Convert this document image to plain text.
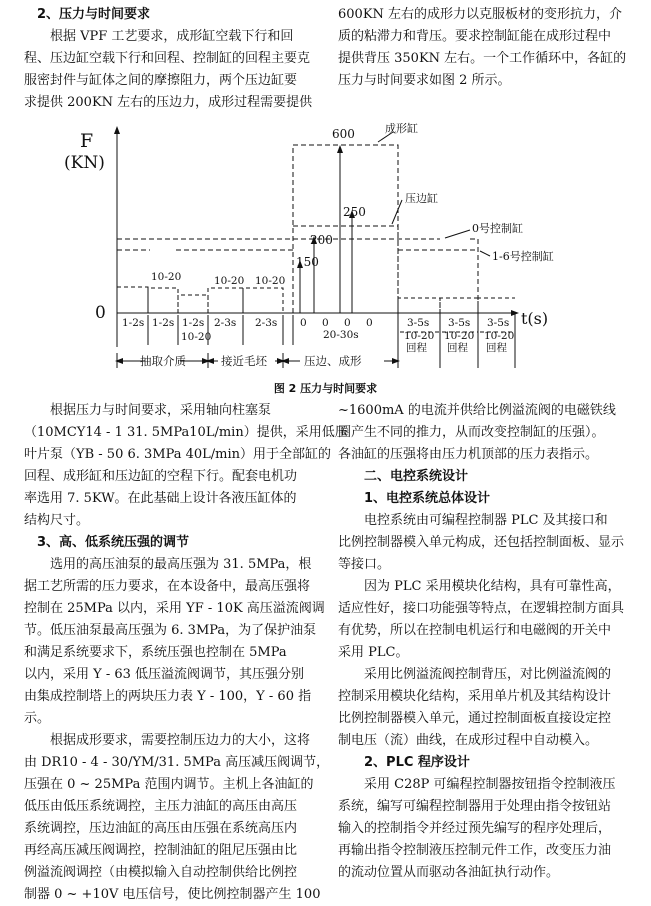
2、压力与时间要求

根据 VPF 工艺要求，成形缸空载下行和回

程、压边缸空载下行和回程、控制缸的回程主要克

服密封件与缸体之间的摩擦阻力，两个压边缸要

求提供 200KN 左右的压边力，成形过程需要提供

600KN 左右的成形力以克服板材的变形抗力，介

质的粘滞力和背压。要求控制缸能在成形过程中

提供背压 350KN 左右。一个工作循环中，各缸的

压力与时间要求如图 2 所示。

F
(KN)
0	t(s)
600
250
200
150
成形缸
压边缸
0号控制缸
1-6号控制缸
1-2s 1-2s 1-2s
10-20
10-20
2-3s
10-20
2-3s
10-20
0 0 0 0
20-30s
3-5s
10-20
回程
3-5s
10-20
回程
3-5s
10-20
回程
抽取介质	接近毛坯	压边、成形
图 2 压力与时间要求

根据压力与时间要求，采用轴向柱塞泵

（10MCY14 - 1 31. 5MPa10L/min）提供，采用低压

叶片泵（YB - 50 6. 3MPa 40L/min）用于全部缸的

回程、成形缸和压边缸的空程下行。配套电机功

率选用 7. 5KW。在此基础上设计各液压缸体的

结构尺寸。

3、高、低系统压强的调节

选用的高压油泵的最高压强为 31. 5MPa，根

据工艺所需的压力要求，在本设备中，最高压强将

控制在 25MPa 以内，采用 YF - 10K 高压溢流阀调

节。低压油泵最高压强为 6. 3MPa，为了保护油泵

和满足系统要求下，系统压强也控制在 5MPa

以内，采用 Y - 63 低压溢流阀调节，其压强分别

由集成控制塔上的两块压力表 Y - 100，Y - 60 指

示。

根据成形要求，需要控制压边力的大小，这将

由 DR10 - 4 - 30/YM/31. 5MPa 高压减压阀调节，

压强在 0 ~ 25MPa 范围内调节。主机上各油缸的

低压由低压系统调控，主压力油缸的高压由高压

系统调控，压边油缸的高压由压强在系统高压内

再经高压减压阀调控，控制油缸的阻尼压强由比

例溢流阀调控（由模拟输入自动控制供给比例控

制器 0 ~ +10V 电压信号，使比例控制器产生 100

~1600mA 的电流并供给比例溢流阀的电磁铁线

圈产生不同的推力，从而改变控制缸的压强）。

各油缸的压强将由压力机顶部的压力表指示。

二、电控系统设计

1、电控系统总体设计

电控系统由可编程控制器 PLC 及其接口和

比例控制器模入单元构成，还包括控制面板、显示

等接口。

因为 PLC 采用模块化结构，具有可靠性高，

适应性好，接口功能强等特点，在逻辑控制方面具

有优势，所以在控制电机运行和电磁阀的开关中

采用 PLC。

采用比例溢流阀控制背压，对比例溢流阀的

控制采用模块化结构，采用单片机及其结构设计

比例控制器模入单元，通过控制面板直接设定控

制电压（流）曲线，在成形过程中自动模入。

2、PLC 程序设计

采用 C28P 可编程控制器按钮指令控制液压

系统，编写可编程控制器用于处理由指令按钮站

输入的控制指令并经过预先编写的程序处理后，

再输出指令控制液压控制元件工作，改变压力油

的流动位置从而驱动各油缸执行动作。
